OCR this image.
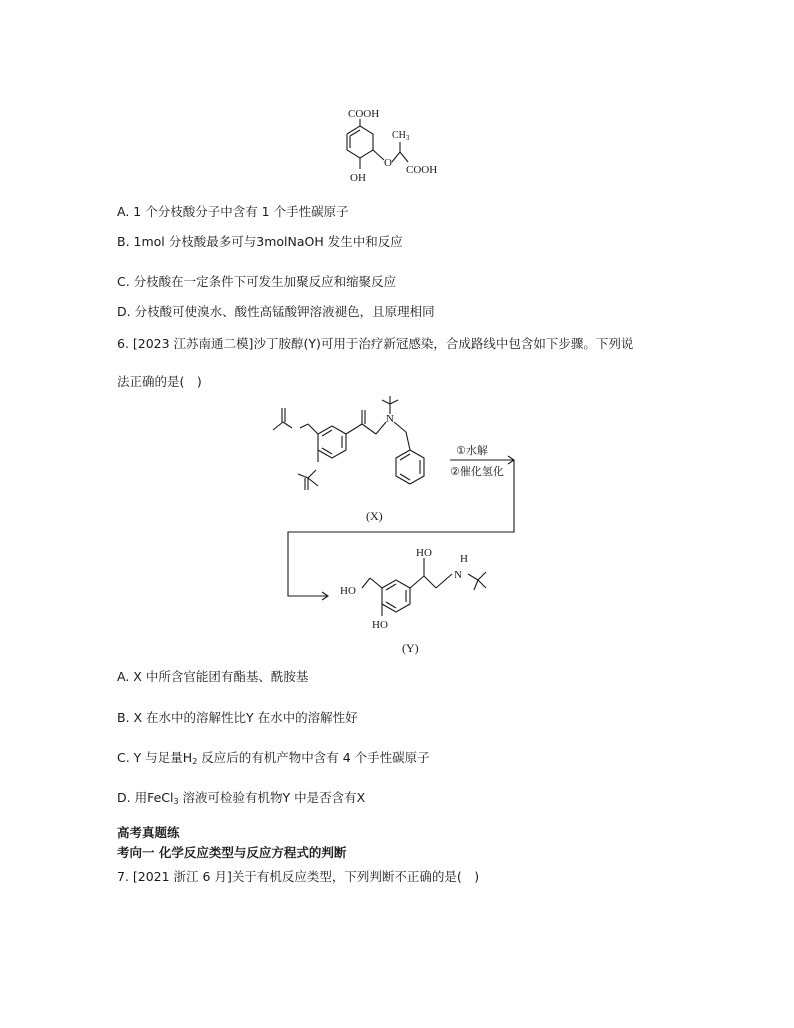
COOH
$CH_3$
O
OH
COOH
A. 1 个分枝酸分子中含有 1 个手性碳原子
B. 1mol 分枝酸最多可与3molNaOH 发生中和反应
C. 分枝酸在一定条件下可发生加聚反应和缩聚反应
D. 分枝酸可使溴水、酸性高锰酸钾溶液褪色，且原理相同
6. [2023 江苏南通二模]沙丁胺醇(Y)可用于治疗新冠感染，合成路线中包含如下步骤。下列说
法正确的是(　)
N
①水解
②催化氢化
(X)
HO
HO	H
N
HO
(Y)
A. X 中所含官能团有酯基、酰胺基
B. X 在水中的溶解性比Y 在水中的溶解性好
C. Y 与足量$H_2$ 反应后的有机产物中含有 4 个手性碳原子
D. 用FeCl$_3$ 溶液可检验有机物Y 中是否含有X
高考真题练
考向一 化学反应类型与反应方程式的判断
7. [2021 浙江 6 月]关于有机反应类型，下列判断不正确的是(　)
